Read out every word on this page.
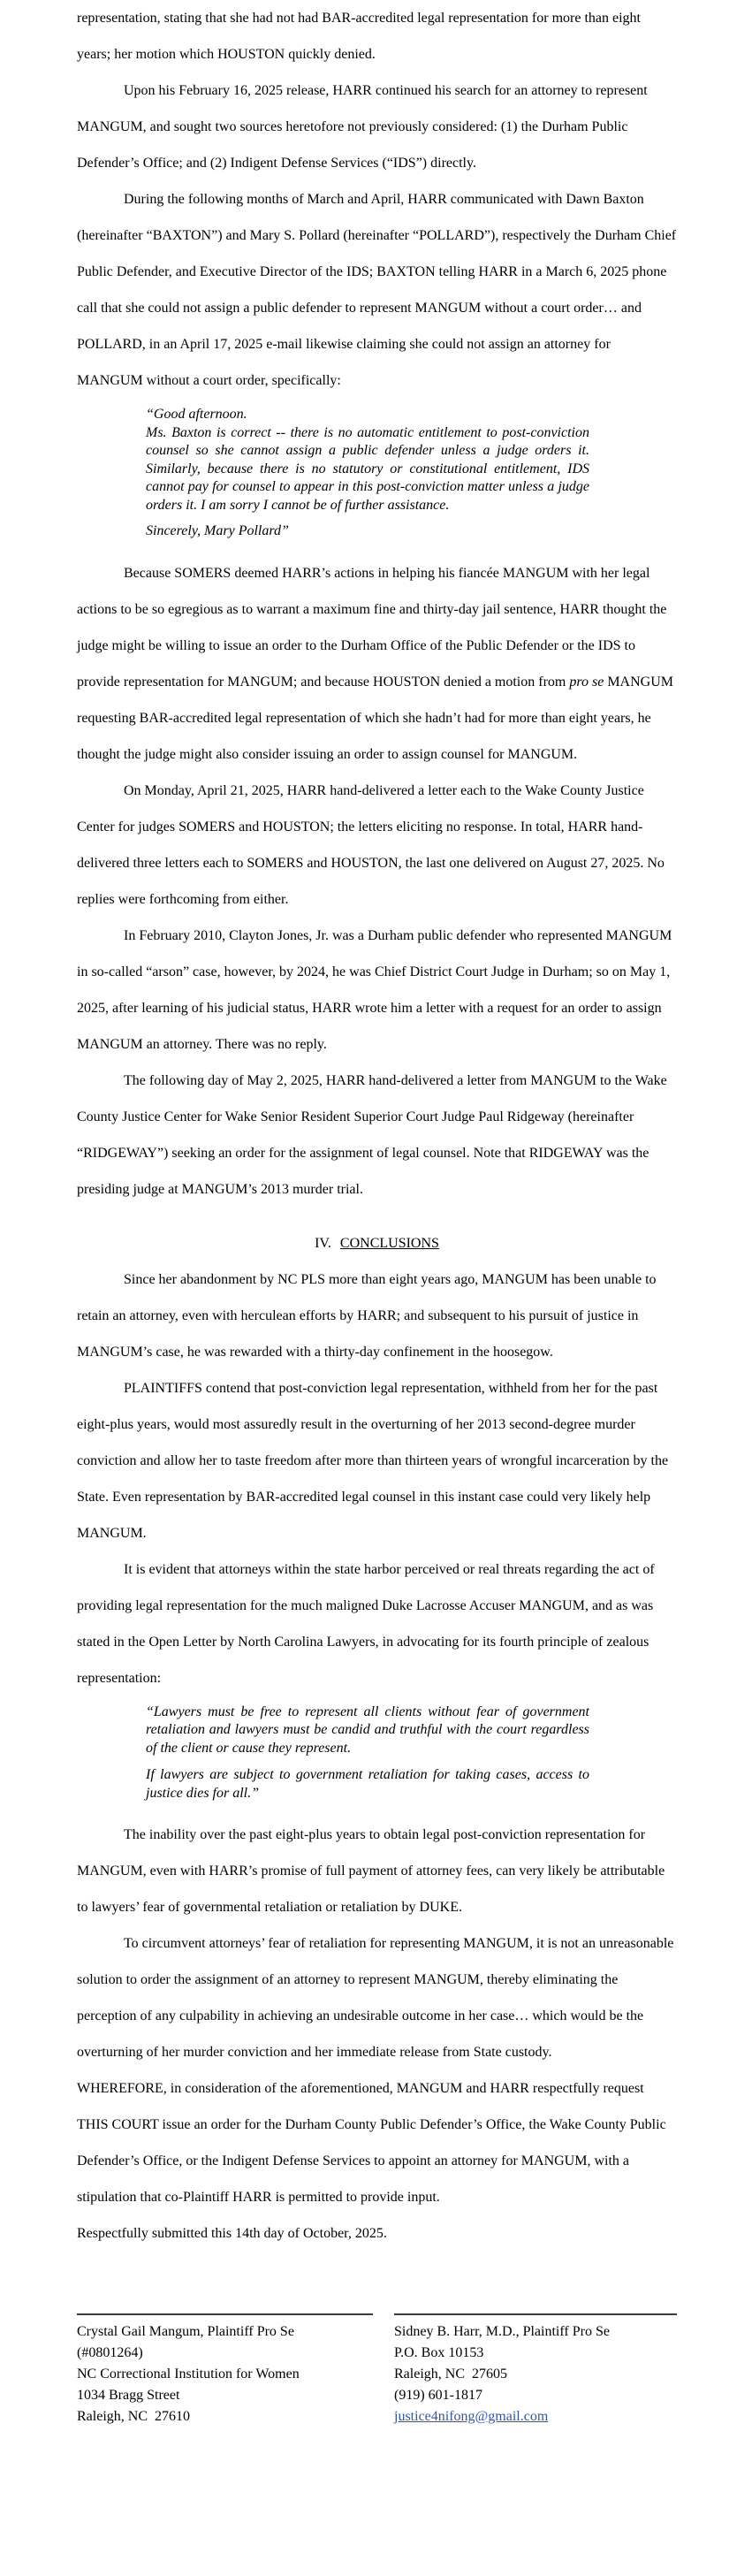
representation, stating that she had not had BAR-accredited legal representation for more than eight years; her motion which HOUSTON quickly denied.

Upon his February 16, 2025 release, HARR continued his search for an attorney to represent MANGUM, and sought two sources heretofore not previously considered: (1) the Durham Public Defender’s Office; and (2) Indigent Defense Services (“IDS”) directly.

During the following months of March and April, HARR communicated with Dawn Baxton (hereinafter “BAXTON”) and Mary S. Pollard (hereinafter “POLLARD”), respectively the Durham Chief Public Defender, and Executive Director of the IDS; BAXTON telling HARR in a March 6, 2025 phone call that she could not assign a public defender to represent MANGUM without a court order… and POLLARD, in an April 17, 2025 e-mail likewise claiming she could not assign an attorney for MANGUM without a court order, specifically:

“Good afternoon.

Ms. Baxton is correct -- there is no automatic entitlement to post-conviction counsel so she cannot assign a public defender unless a judge orders it. Similarly, because there is no statutory or constitutional entitlement, IDS cannot pay for counsel to appear in this post-conviction matter unless a judge orders it. I am sorry I cannot be of further assistance.

Sincerely, Mary Pollard”

Because SOMERS deemed HARR’s actions in helping his fiancée MANGUM with her legal actions to be so egregious as to warrant a maximum fine and thirty-day jail sentence, HARR thought the judge might be willing to issue an order to the Durham Office of the Public Defender or the IDS to provide representation for MANGUM; and because HOUSTON denied a motion from pro se MANGUM requesting BAR-accredited legal representation of which she hadn’t had for more than eight years, he thought the judge might also consider issuing an order to assign counsel for MANGUM.

On Monday, April 21, 2025, HARR hand-delivered a letter each to the Wake County Justice Center for judges SOMERS and HOUSTON; the letters eliciting no response. In total, HARR hand-delivered three letters each to SOMERS and HOUSTON, the last one delivered on August 27, 2025. No replies were forthcoming from either.

In February 2010, Clayton Jones, Jr. was a Durham public defender who represented MANGUM in so-called “arson” case, however, by 2024, he was Chief District Court Judge in Durham; so on May 1, 2025, after learning of his judicial status, HARR wrote him a letter with a request for an order to assign MANGUM an attorney. There was no reply.

The following day of May 2, 2025, HARR hand-delivered a letter from MANGUM to the Wake County Justice Center for Wake Senior Resident Superior Court Judge Paul Ridgeway (hereinafter “RIDGEWAY”) seeking an order for the assignment of legal counsel. Note that RIDGEWAY was the presiding judge at MANGUM’s 2013 murder trial.

IV. CONCLUSIONS

Since her abandonment by NC PLS more than eight years ago, MANGUM has been unable to retain an attorney, even with herculean efforts by HARR; and subsequent to his pursuit of justice in MANGUM’s case, he was rewarded with a thirty-day confinement in the hoosegow.

PLAINTIFFS contend that post-conviction legal representation, withheld from her for the past eight-plus years, would most assuredly result in the overturning of her 2013 second-degree murder conviction and allow her to taste freedom after more than thirteen years of wrongful incarceration by the State. Even representation by BAR-accredited legal counsel in this instant case could very likely help MANGUM.

It is evident that attorneys within the state harbor perceived or real threats regarding the act of providing legal representation for the much maligned Duke Lacrosse Accuser MANGUM, and as was stated in the Open Letter by North Carolina Lawyers, in advocating for its fourth principle of zealous representation:

“Lawyers must be free to represent all clients without fear of government retaliation and lawyers must be candid and truthful with the court regardless of the client or cause they represent.

If lawyers are subject to government retaliation for taking cases, access to justice dies for all.”

The inability over the past eight-plus years to obtain legal post-conviction representation for MANGUM, even with HARR’s promise of full payment of attorney fees, can very likely be attributable to lawyers’ fear of governmental retaliation or retaliation by DUKE.

To circumvent attorneys’ fear of retaliation for representing MANGUM, it is not an unreasonable solution to order the assignment of an attorney to represent MANGUM, thereby eliminating the perception of any culpability in achieving an undesirable outcome in her case… which would be the overturning of her murder conviction and her immediate release from State custody.

WHEREFORE, in consideration of the aforementioned, MANGUM and HARR respectfully request THIS COURT issue an order for the Durham County Public Defender’s Office, the Wake County Public Defender’s Office, or the Indigent Defense Services to appoint an attorney for MANGUM, with a stipulation that co-Plaintiff HARR is permitted to provide input.

Respectfully submitted this 14th day of October, 2025.

Crystal Gail Mangum, Plaintiff Pro Se
(#0801264)
NC Correctional Institution for Women
1034 Bragg Street
Raleigh, NC  27610
Sidney B. Harr, M.D., Plaintiff Pro Se
P.O. Box 10153
Raleigh, NC  27605
(919) 601-1817
justice4nifong@gmail.com
